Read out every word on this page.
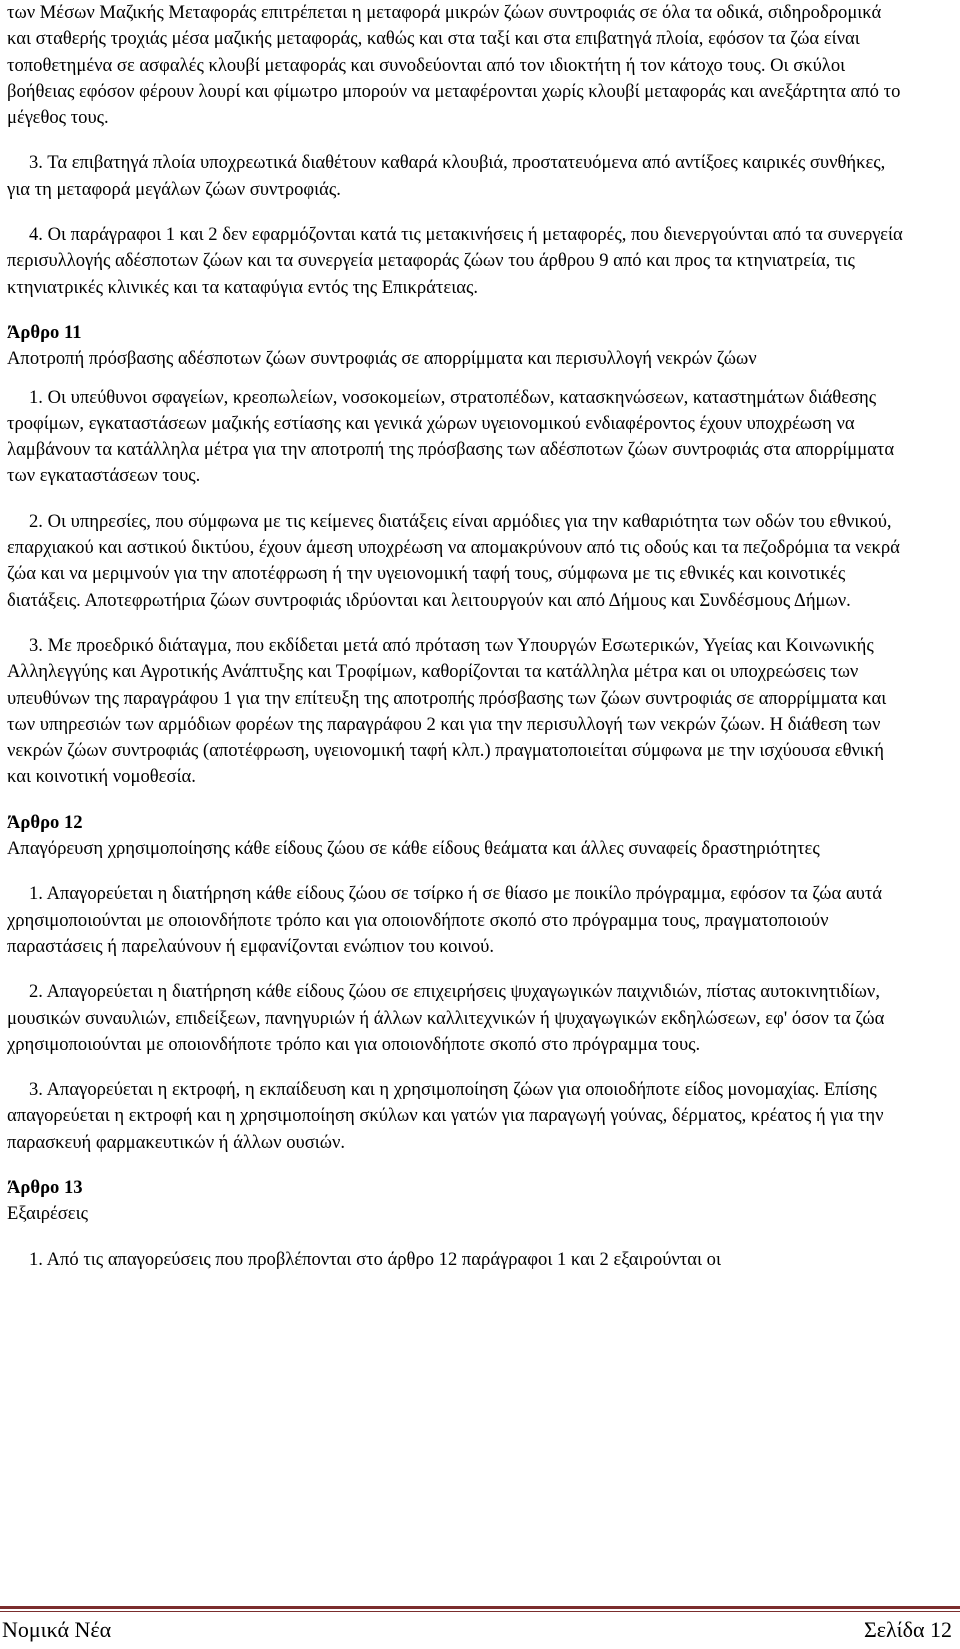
των Μέσων Μαζικής Μεταφοράς επιτρέπεται η μεταφορά μικρών ζώων συντροφιάς σε όλα τα οδικά, σιδηροδρομικά και σταθερής τροχιάς μέσα μαζικής μεταφοράς, καθώς και στα ταξί και στα επιβατηγά πλοία, εφόσον τα ζώα είναι τοποθετημένα σε ασφαλές κλουβί μεταφοράς και συνοδεύονται από τον ιδιοκτήτη ή τον κάτοχο τους. Οι σκύλοι βοήθειας εφόσον φέρουν λουρί και φίμωτρο μπορούν να μεταφέρονται χωρίς κλουβί μεταφοράς και ανεξάρτητα από το μέγεθος τους.

3. Τα επιβατηγά πλοία υποχρεωτικά διαθέτουν καθαρά κλουβιά, προστατευόμενα από αντίξοες καιρικές συνθήκες, για τη μεταφορά μεγάλων ζώων συντροφιάς.

4. Οι παράγραφοι 1 και 2 δεν εφαρμόζονται κατά τις μετακινήσεις ή μεταφορές, που διενεργούνται από τα συνεργεία περισυλλογής αδέσποτων ζώων και τα συνεργεία μεταφοράς ζώων του άρθρου 9 από και προς τα κτηνιατρεία, τις κτηνιατρικές κλινικές και τα καταφύγια εντός της Επικράτειας.

Άρθρο 11

Αποτροπή πρόσβασης αδέσποτων ζώων συντροφιάς σε απορρίμματα και περισυλλογή νεκρών ζώων

1. Οι υπεύθυνοι σφαγείων, κρεοπωλείων, νοσοκομείων, στρατοπέδων, κατασκηνώσεων, καταστημάτων διάθεσης τροφίμων, εγκαταστάσεων μαζικής εστίασης και γενικά χώρων υγειονομικού ενδιαφέροντος έχουν υποχρέωση να λαμβάνουν τα κατάλληλα μέτρα για την αποτροπή της πρόσβασης των αδέσποτων ζώων συντροφιάς στα απορρίμματα των εγκαταστάσεων τους.

2. Οι υπηρεσίες, που σύμφωνα με τις κείμενες διατάξεις είναι αρμόδιες για την καθαριότητα των οδών του εθνικού, επαρχιακού και αστικού δικτύου, έχουν άμεση υποχρέωση να απομακρύνουν από τις οδούς και τα πεζοδρόμια τα νεκρά ζώα και να μεριμνούν για την αποτέφρωση ή την υγειονομική ταφή τους, σύμφωνα με τις εθνικές και κοινοτικές διατάξεις. Αποτεφρωτήρια ζώων συντροφιάς ιδρύονται και λειτουργούν και από Δήμους και Συνδέσμους Δήμων.

3. Με προεδρικό διάταγμα, που εκδίδεται μετά από πρόταση των Υπουργών Εσωτερικών, Υγείας και Κοινωνικής Αλληλεγγύης και Αγροτικής Ανάπτυξης και Τροφίμων, καθορίζονται τα κατάλληλα μέτρα και οι υποχρεώσεις των υπευθύνων της παραγράφου 1 για την επίτευξη της αποτροπής πρόσβασης των ζώων συντροφιάς σε απορρίμματα και των υπηρεσιών των αρμόδιων φορέων της παραγράφου 2 και για την περισυλλογή των νεκρών ζώων. Η διάθεση των νεκρών ζώων συντροφιάς (αποτέφρωση, υγειονομική ταφή κλπ.) πραγματοποιείται σύμφωνα με την ισχύουσα εθνική και κοινοτική νομοθεσία.

Άρθρο 12

Απαγόρευση χρησιμοποίησης κάθε είδους ζώου σε κάθε είδους θεάματα και άλλες συναφείς δραστηριότητες

1. Απαγορεύεται η διατήρηση κάθε είδους ζώου σε τσίρκο ή σε θίασο με ποικίλο πρόγραμμα, εφόσον τα ζώα αυτά χρησιμοποιούνται με οποιονδήποτε τρόπο και για οποιονδήποτε σκοπό στο πρόγραμμα τους, πραγματοποιούν παραστάσεις ή παρελαύνουν ή εμφανίζονται ενώπιον του κοινού.

2. Απαγορεύεται η διατήρηση κάθε είδους ζώου σε επιχειρήσεις ψυχαγωγικών παιχνιδιών, πίστας αυτοκινητιδίων, μουσικών συναυλιών, επιδείξεων, πανηγυριών ή άλλων καλλιτεχνικών ή ψυχαγωγικών εκδηλώσεων, εφ' όσον τα ζώα χρησιμοποιούνται με οποιονδήποτε τρόπο και για οποιονδήποτε σκοπό στο πρόγραμμα τους.

3. Απαγορεύεται η εκτροφή, η εκπαίδευση και η χρησιμοποίηση ζώων για οποιοδήποτε είδος μονομαχίας. Επίσης απαγορεύεται η εκτροφή και η χρησιμοποίηση σκύλων και γατών για παραγωγή γούνας, δέρματος, κρέατος ή για την παρασκευή φαρμακευτικών ή άλλων ουσιών.

Άρθρο 13

Εξαιρέσεις

1. Από τις απαγορεύσεις που προβλέπονται στο άρθρο 12 παράγραφοι 1 και 2 εξαιρούνται οι

Νομικά Νέα	Σελίδα 12
